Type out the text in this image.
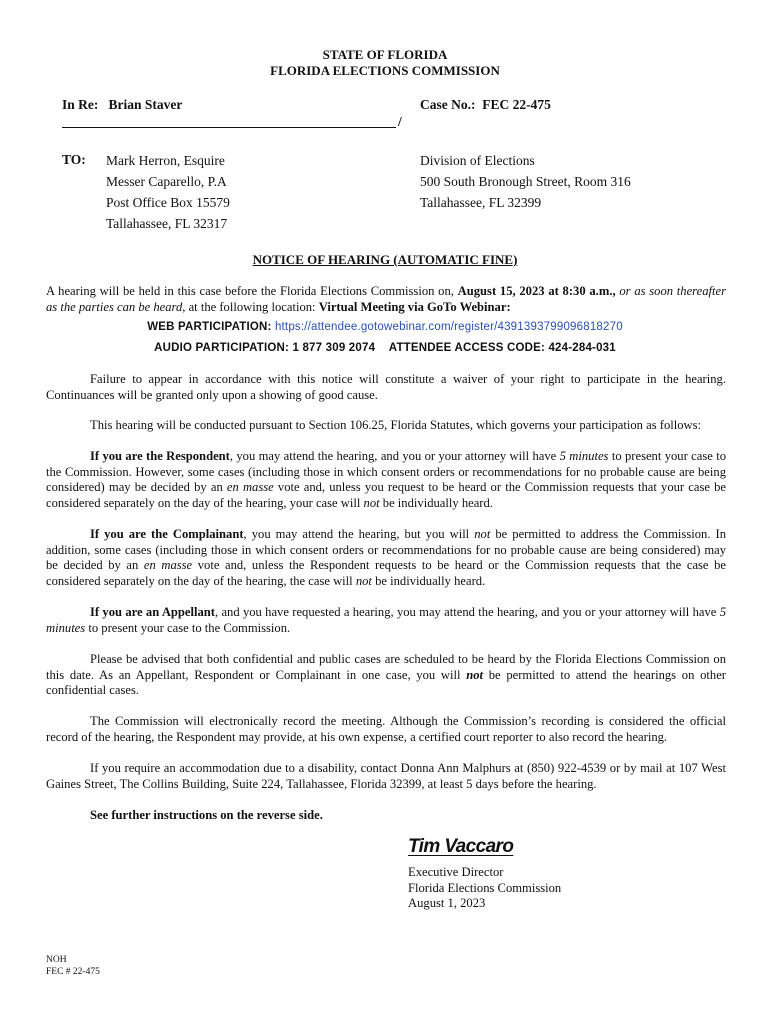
STATE OF FLORIDA
FLORIDA ELECTIONS COMMISSION
In Re:   Brian Staver	Case No.:  FEC 22-475
/
TO: Mark Herron, Esquire
Messer Caparello, P.A
Post Office Box 15579
Tallahassee, FL 32317
Division of Elections
500 South Bronough Street, Room 316
Tallahassee, FL 32399
NOTICE OF HEARING (AUTOMATIC FINE)
A hearing will be held in this case before the Florida Elections Commission on, August 15, 2023 at 8:30 a.m., or as soon thereafter as the parties can be heard, at the following location: Virtual Meeting via GoTo Webinar:
WEB PARTICIPATION: https://attendee.gotowebinar.com/register/4391393799096818270
AUDIO PARTICIPATION: 1 877 309 2074 ATTENDEE ACCESS CODE: 424-284-031
Failure to appear in accordance with this notice will constitute a waiver of your right to participate in the hearing. Continuances will be granted only upon a showing of good cause.
This hearing will be conducted pursuant to Section 106.25, Florida Statutes, which governs your participation as follows:
If you are the Respondent, you may attend the hearing, and you or your attorney will have 5 minutes to present your case to the Commission. However, some cases (including those in which consent orders or recommendations for no probable cause are being considered) may be decided by an en masse vote and, unless you request to be heard or the Commission requests that your case be considered separately on the day of the hearing, your case will not be individually heard.
If you are the Complainant, you may attend the hearing, but you will not be permitted to address the Commission. In addition, some cases (including those in which consent orders or recommendations for no probable cause are being considered) may be decided by an en masse vote and, unless the Respondent requests to be heard or the Commission requests that the case be considered separately on the day of the hearing, the case will not be individually heard.
If you are an Appellant, and you have requested a hearing, you may attend the hearing, and you or your attorney will have 5 minutes to present your case to the Commission.
Please be advised that both confidential and public cases are scheduled to be heard by the Florida Elections Commission on this date. As an Appellant, Respondent or Complainant in one case, you will not be permitted to attend the hearings on other confidential cases.
The Commission will electronically record the meeting. Although the Commission’s recording is considered the official record of the hearing, the Respondent may provide, at his own expense, a certified court reporter to also record the hearing.
If you require an accommodation due to a disability, contact Donna Ann Malphurs at (850) 922-4539 or by mail at 107 West Gaines Street, The Collins Building, Suite 224, Tallahassee, Florida 32399, at least 5 days before the hearing.
See further instructions on the reverse side.
Tim Vaccaro
Executive Director
Florida Elections Commission
August 1, 2023
NOH
FEC # 22-475
